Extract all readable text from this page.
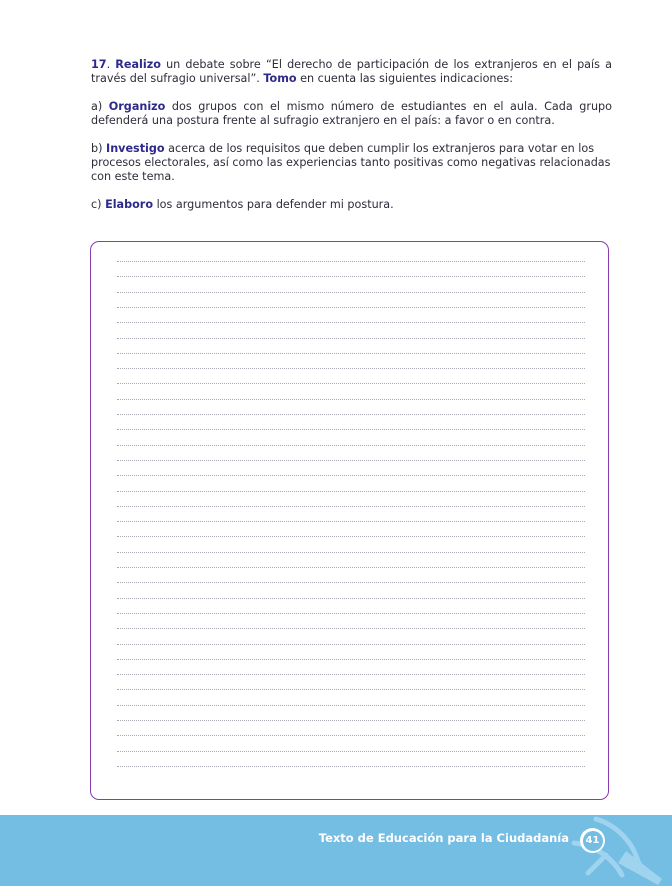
17. Realizo un debate sobre “El derecho de participación de los extranjeros en el país a través del sufragio universal”. Tomo en cuenta las siguientes indicaciones:

a) Organizo dos grupos con el mismo número de estudiantes en el aula. Cada grupo defenderá una postura frente al sufragio extranjero en el país: a favor o en contra.

b) Investigo acerca de los requisitos que deben cumplir los extranjeros para votar en los procesos electorales, así como las experiencias tanto positivas como negativas relacionadas con este tema.

c) Elaboro los argumentos para defender mi postura.

Texto de Educación para la Ciudadanía	41
